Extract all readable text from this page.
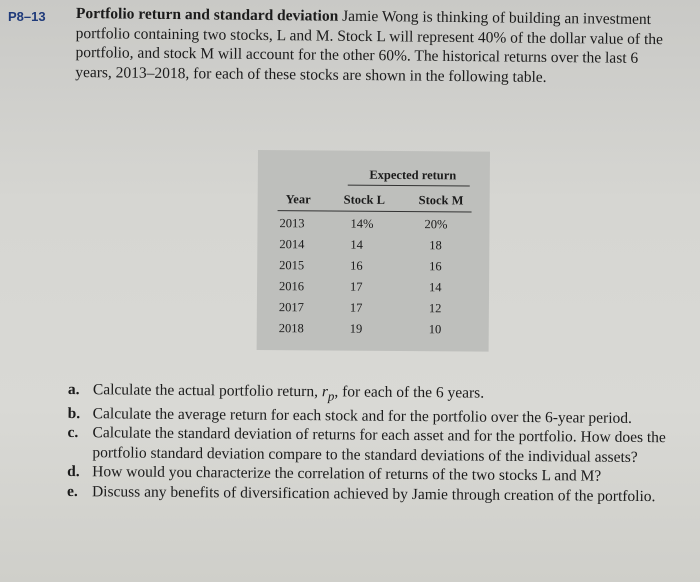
P8–13 Portfolio return and standard deviation Jamie Wong is thinking of building an investment portfolio containing two stocks, L and M. Stock L will represent 40% of the dollar value of the portfolio, and stock M will account for the other 60%. The historical returns over the last 6 years, 2013–2018, for each of these stocks are shown in the following table.
Expected return
Year	Stock L	Stock M
2013	14%	20%
2014	14	18
2015	16	16
2016	17	14
2017	17	12
2018	19	10
a. Calculate the actual portfolio return, $r_p$, for each of the 6 years.
b. Calculate the average return for each stock and for the portfolio over the 6-year period.
c. Calculate the standard deviation of returns for each asset and for the portfolio. How does the portfolio standard deviation compare to the standard deviations of the individual assets?
d. How would you characterize the correlation of returns of the two stocks L and M?
e. Discuss any benefits of diversification achieved by Jamie through creation of the portfolio.
